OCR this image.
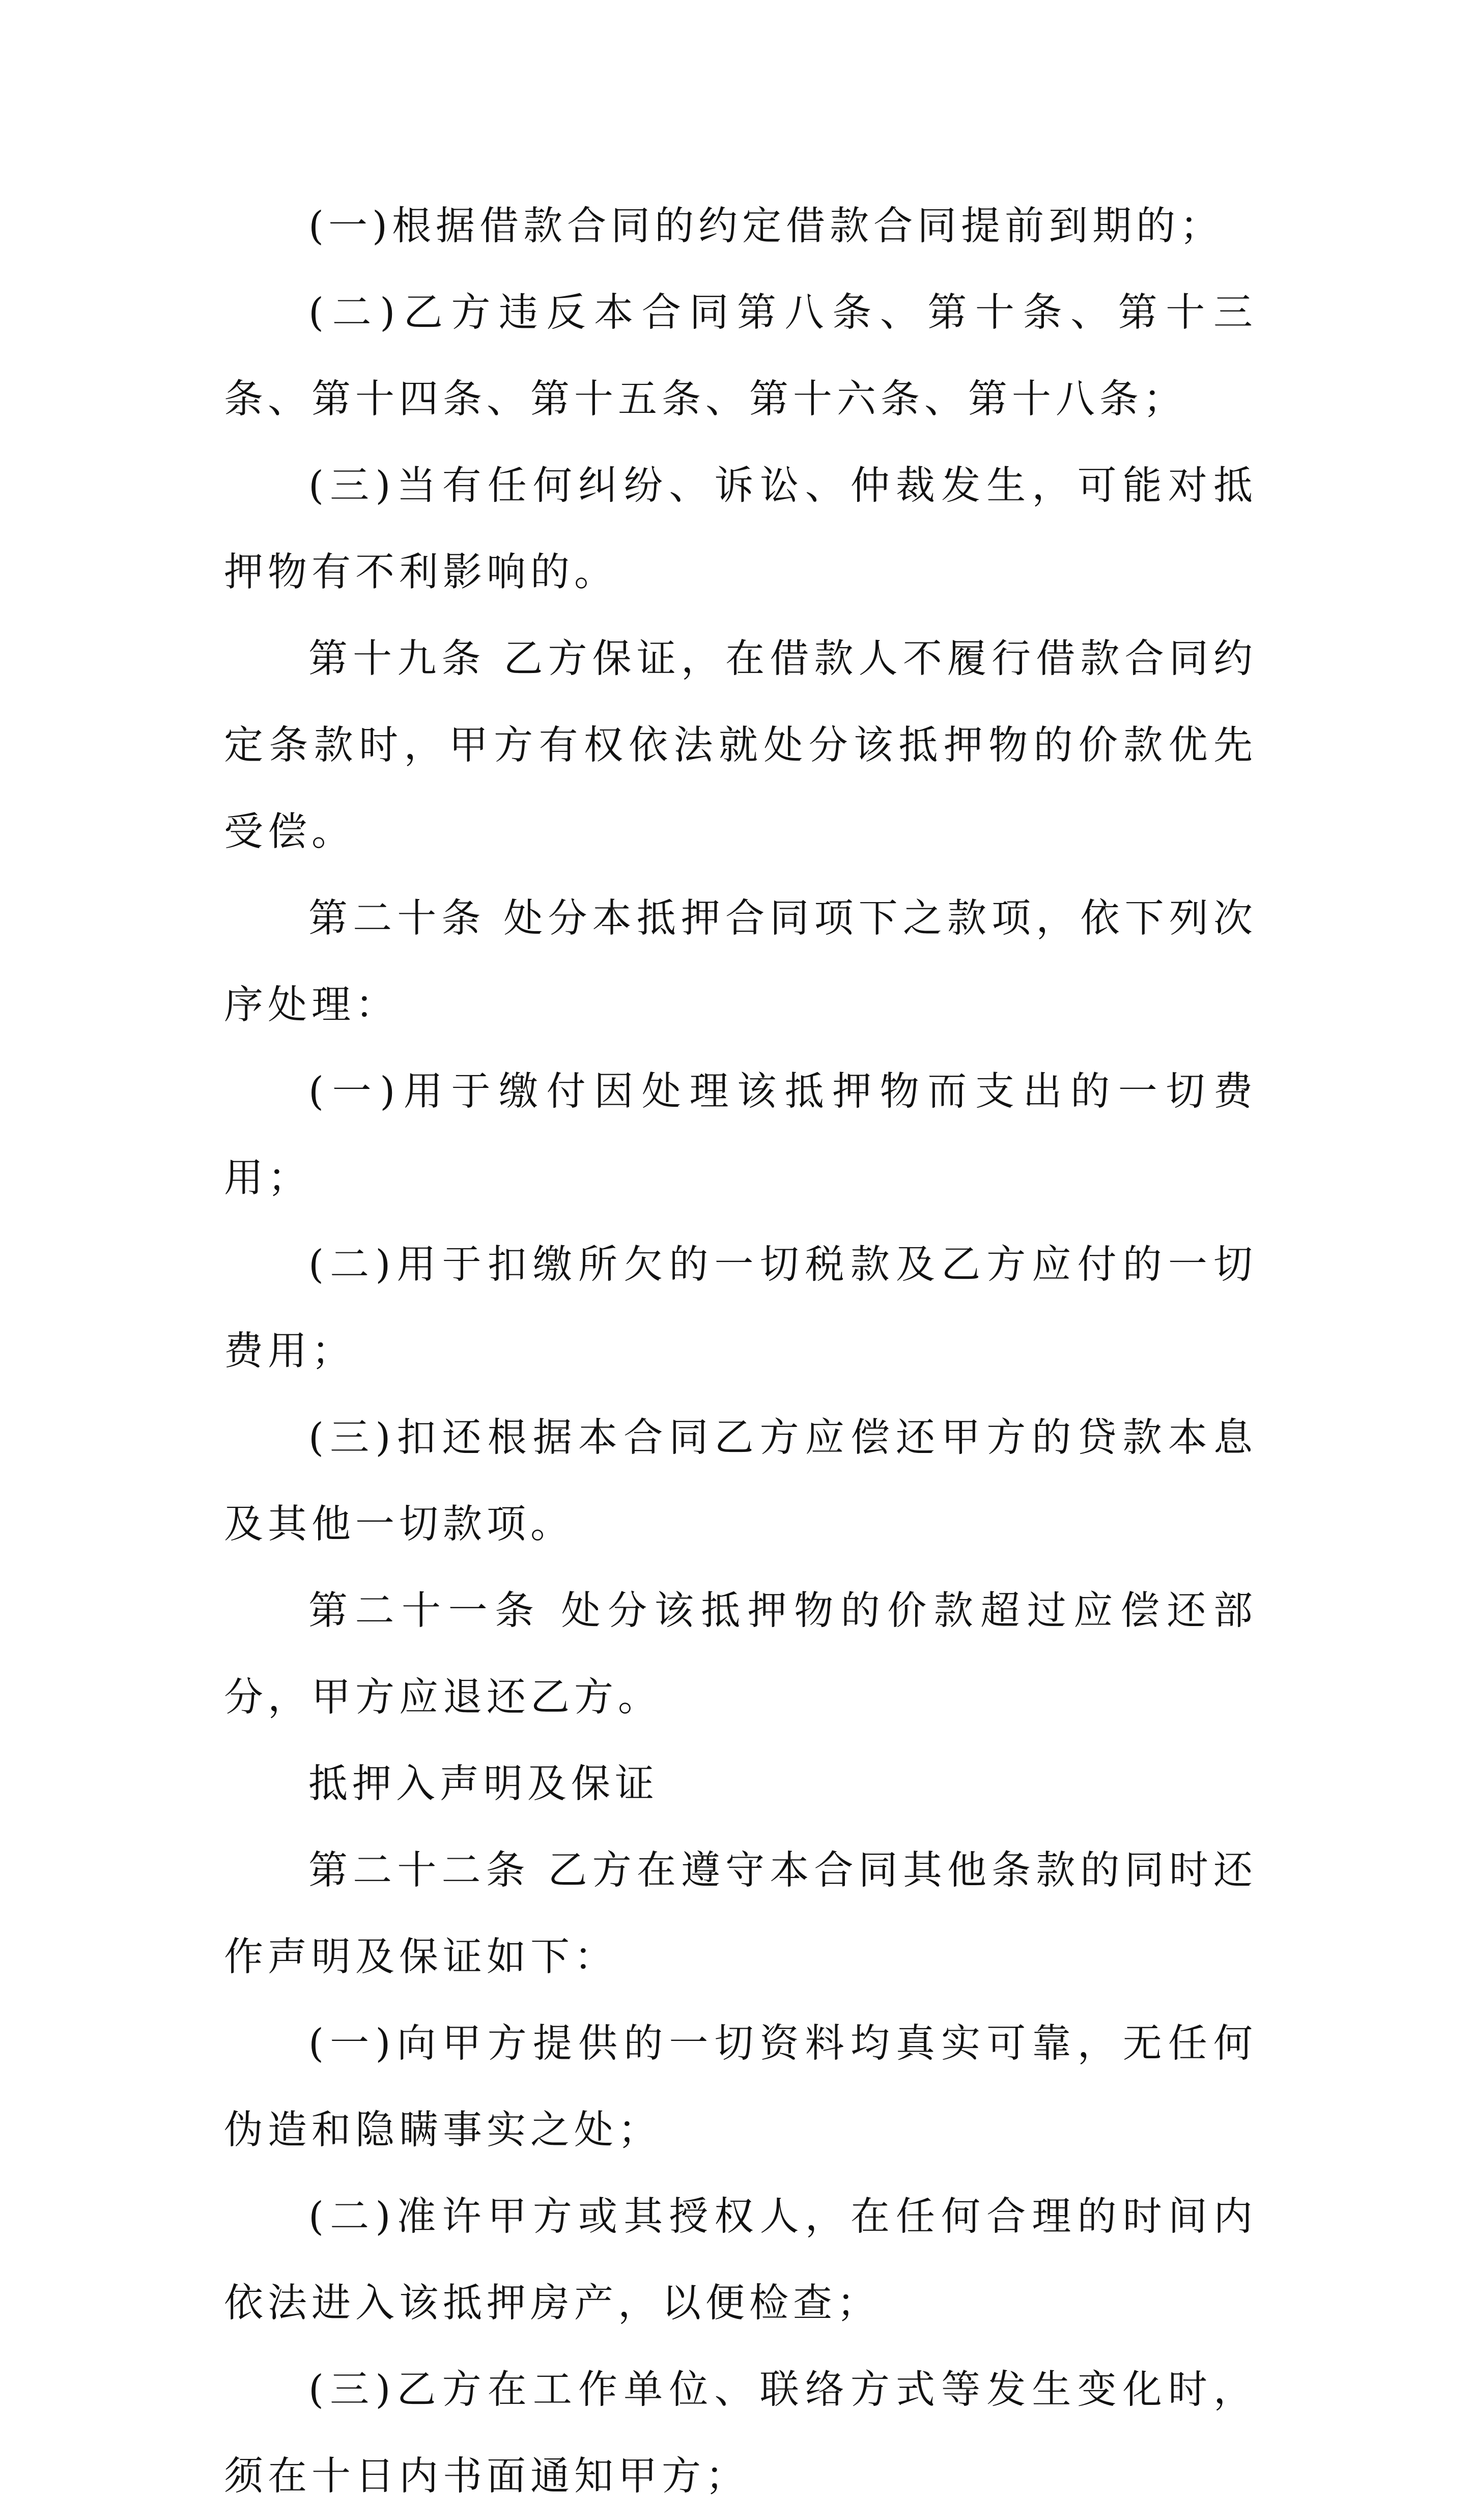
(一)根据借款合同的约定借款合同提前到期的；

(二)乙方违反本合同第八条、第十条、第十三条、第十四条、第十五条、第十六条、第十八条；

(三)当有任何纠纷、诉讼、仲裁发生，可能对抵押物有不利影响的。

第十九条 乙方保证，在借款人不履行借款合同约定条款时，甲方有权依法就处分该抵押物的价款优先受偿。

第二十条 处分本抵押合同项下之款项，依下列次序处理：

(一)用于缴付因处理该抵押物而支出的一切费用；

(二)用于扣缴所欠的一切税款及乙方应付的一切费用；

(三)扣还根据本合同乙方应偿还甲方的贷款本息及其他一切款项。

第二十一条 处分该抵押物的价款超过应偿还部分，甲方应退还乙方。

抵押入声明及保证

第二十二条 乙方在遵守本合同其他条款的同时还作声明及保证如下：

(一)向甲方提供的一切资料均真实可靠，无任何伪造和隐瞒事实之处；

(二)准许甲方或其授权人，在任何合理的时间内依法进入该抵押房产，以便检查；

(三)乙方在工作单位、联络方式等发生变化时，须在十日内书面通知甲方；
